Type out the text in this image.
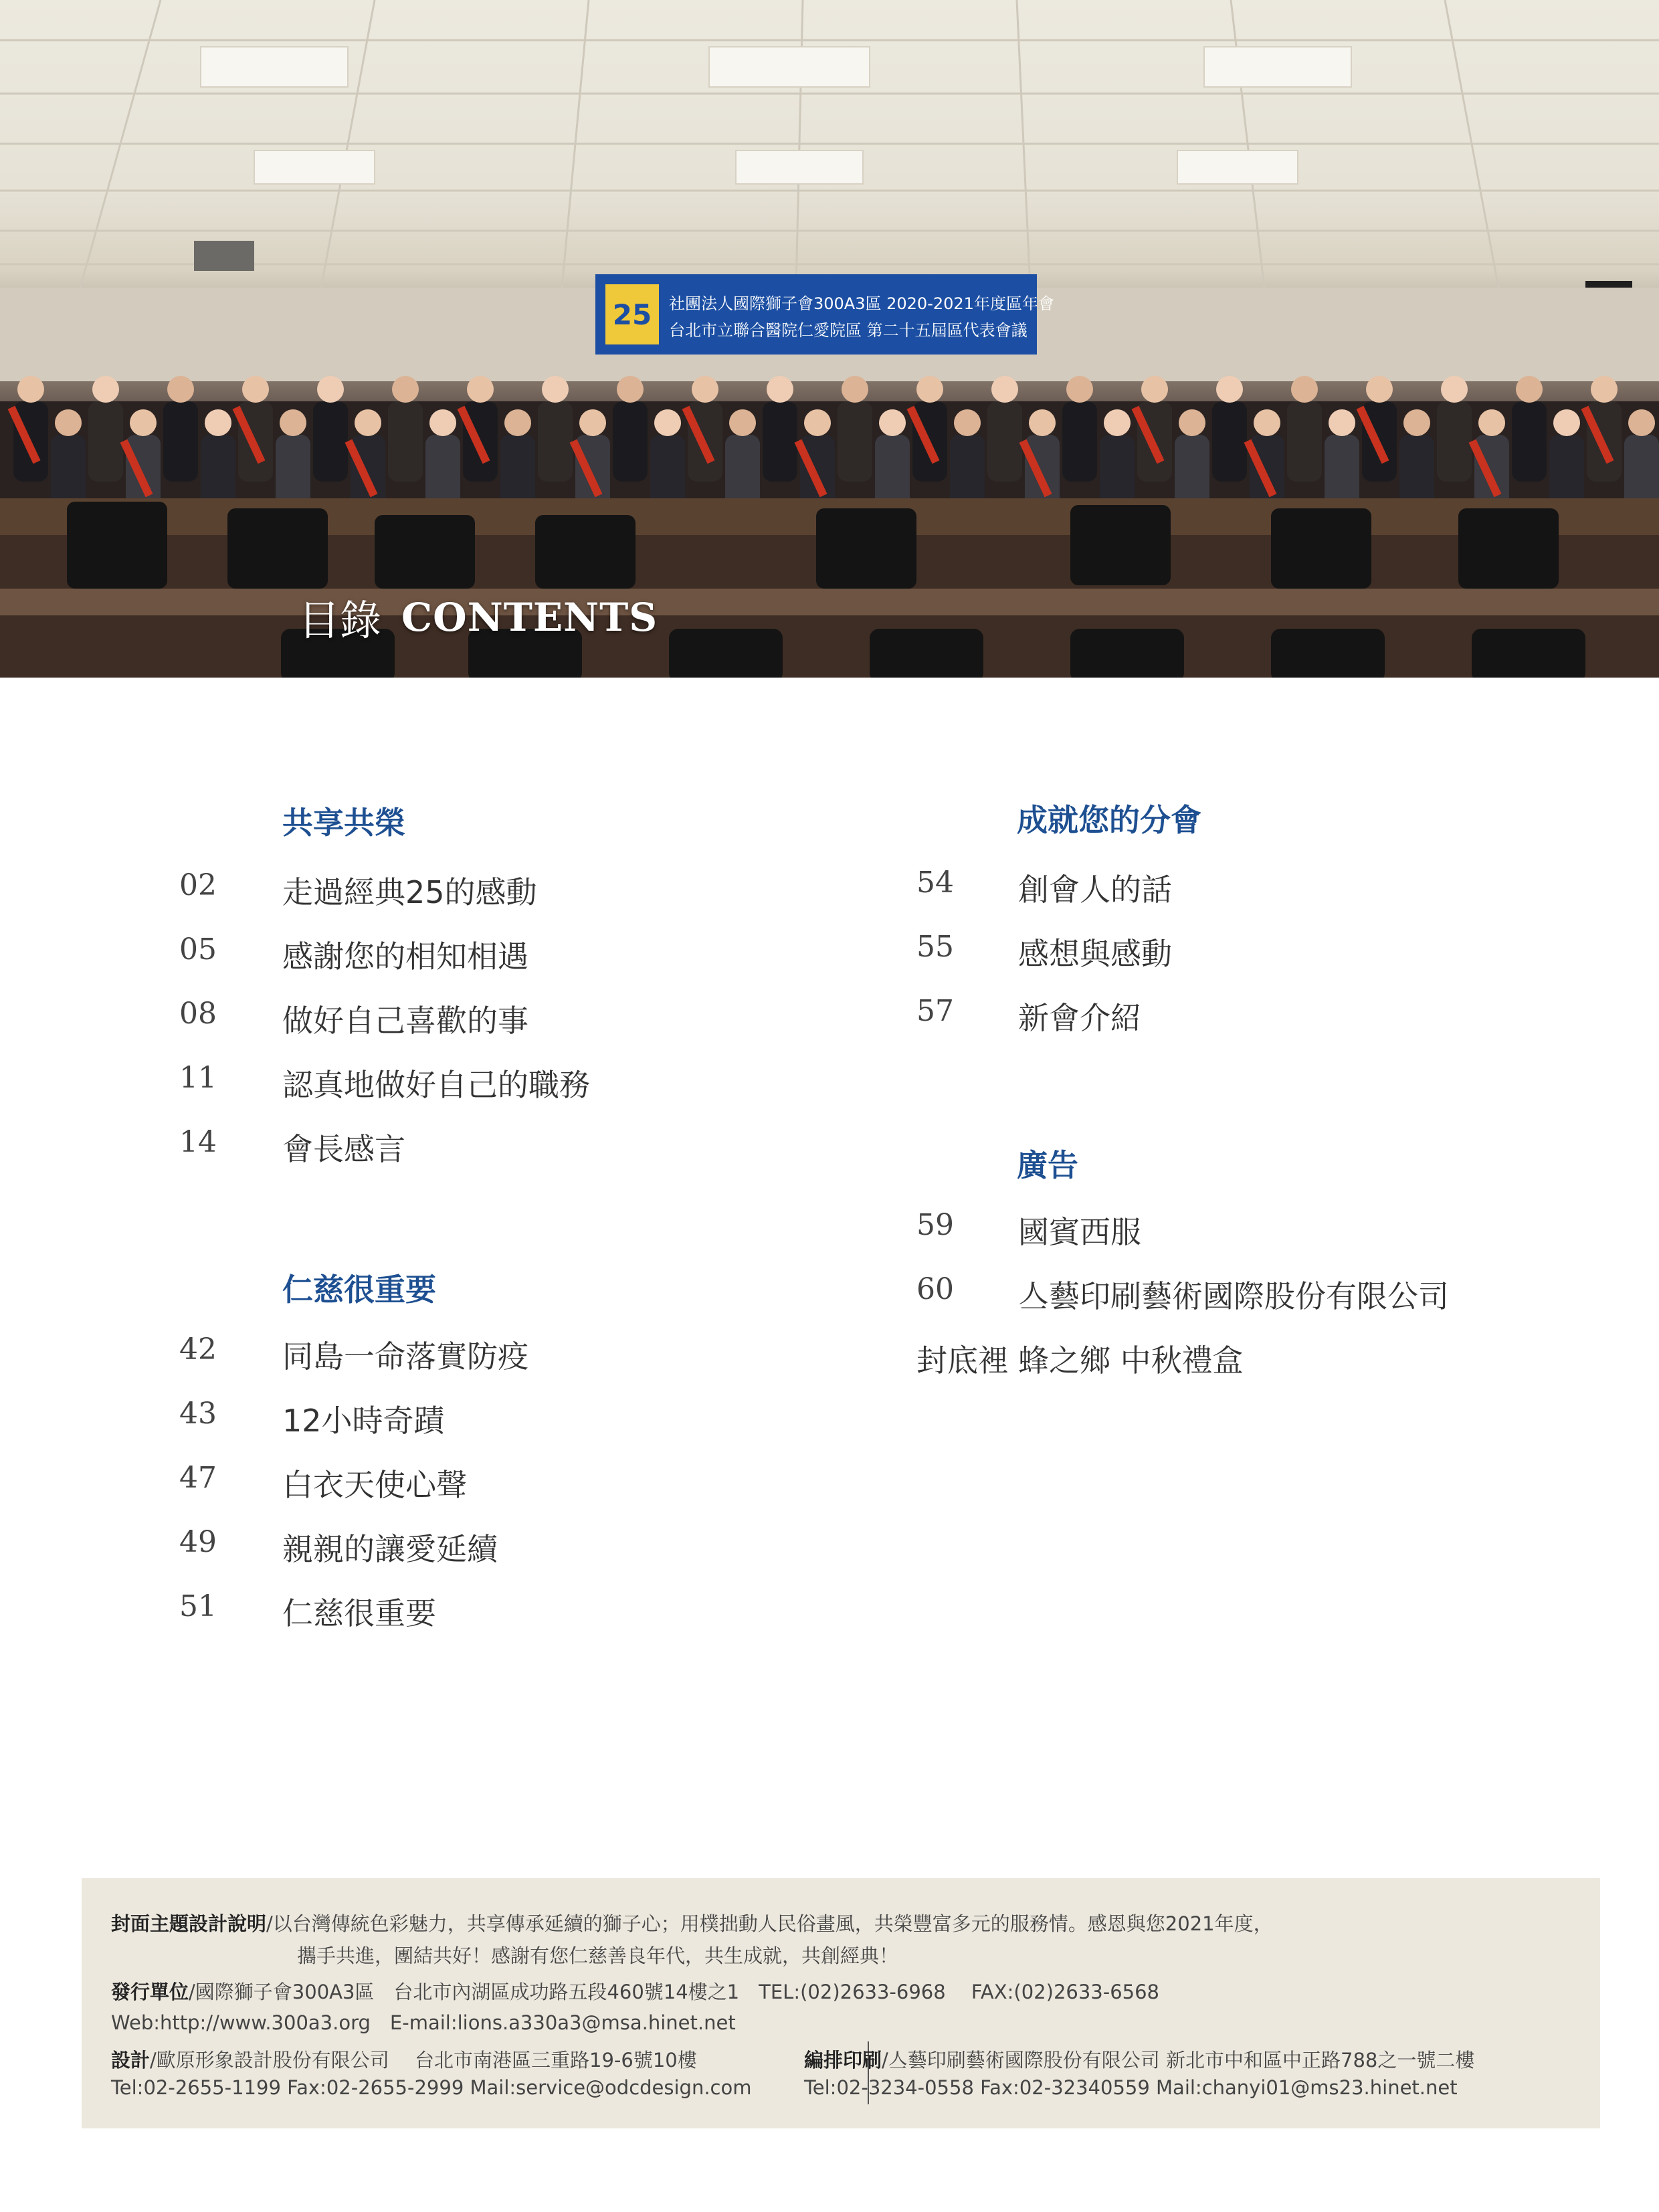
25 社團法人國際獅子會300A3區 2020-2021年度區年會
台北市立聯合醫院仁愛院區 第二十五屆區代表會議
目錄 CONTENTS
共享共榮
02 走過經典25的感動
05 感謝您的相知相遇
08 做好自己喜歡的事
11 認真地做好自己的職務
14 會長感言
仁慈很重要
42 同島一命落實防疫
43 12小時奇蹟
47 白衣天使心聲
49 親親的讓愛延續
51 仁慈很重要
成就您的分會
54 創會人的話
55 感想與感動
57 新會介紹
廣告
59 國賓西服
60 亼藝印刷藝術國際股份有限公司
封底裡 蜂之鄉 中秋禮盒
封面主題設計說明/以台灣傳統色彩魅力，共享傳承延續的獅子心；用樸拙動人民俗畫風，共榮豐富多元的服務情。感恩與您2021年度，
攜手共進，團結共好！感謝有您仁慈善良年代，共生成就，共創經典！
發行單位/國際獅子會300A3區　台北市內湖區成功路五段460號14樓之1　TEL:(02)2633-6968　 FAX:(02)2633-6568
Web:http://www.300a3.org　E-mail:lions.a330a3@msa.hinet.net
設計/歐原形象設計股份有限公司　 台北市南港區三重路19-6號10樓
Tel:02-2655-1199 Fax:02-2655-2999 Mail:service@odcdesign.com
編排印刷/亼藝印刷藝術國際股份有限公司 新北市中和區中正路788之一號二樓
Tel:02-3234-0558 Fax:02-32340559 Mail:chanyi01@ms23.hinet.net
